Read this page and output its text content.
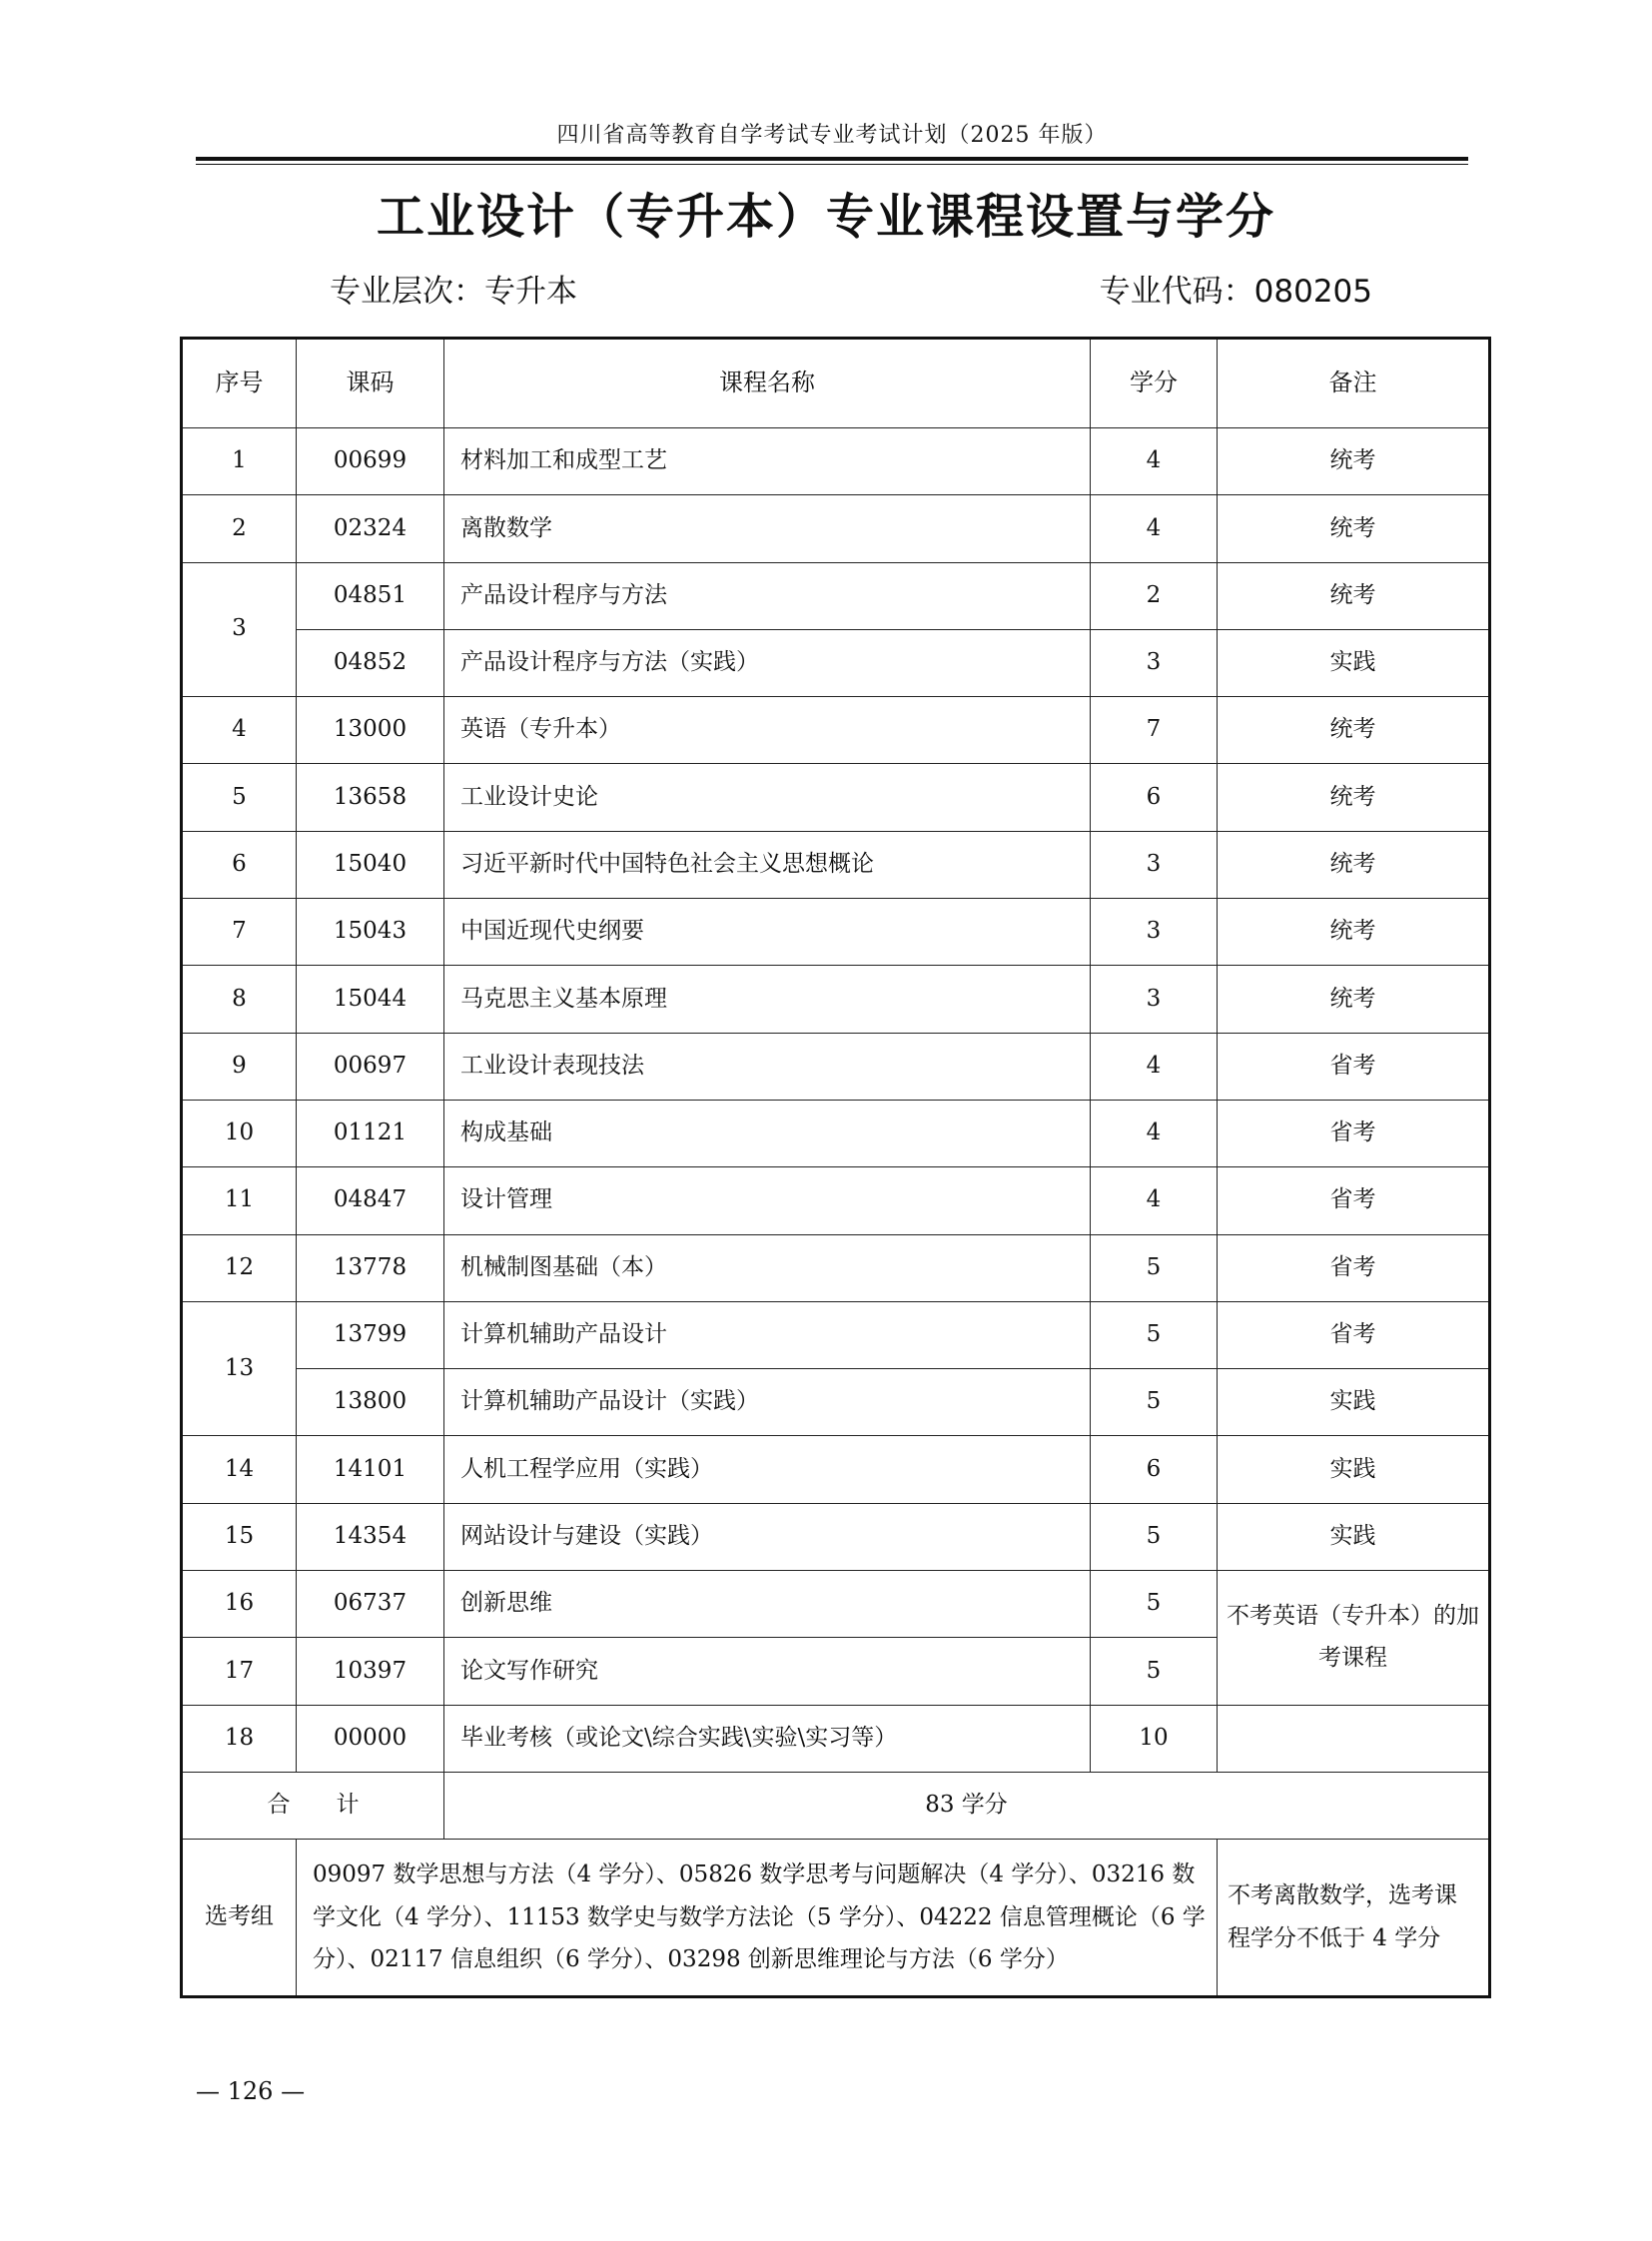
四川省高等教育自学考试专业考试计划（2025 年版）
工业设计（专升本）专业课程设置与学分
专业层次：专升本	专业代码：080205
序号	课码	课程名称	学分	备注
1	00699	材料加工和成型工艺	4	统考
2	02324	离散数学	4	统考
3	04851	产品设计程序与方法	2	统考
	04852	产品设计程序与方法（实践）	3	实践
4	13000	英语（专升本）	7	统考
5	13658	工业设计史论	6	统考
6	15040	习近平新时代中国特色社会主义思想概论	3	统考
7	15043	中国近现代史纲要	3	统考
8	15044	马克思主义基本原理	3	统考
9	00697	工业设计表现技法	4	省考
10	01121	构成基础	4	省考
11	04847	设计管理	4	省考
12	13778	机械制图基础（本）	5	省考
13	13799	计算机辅助产品设计	5	省考
	13800	计算机辅助产品设计（实践）	5	实践
14	14101	人机工程学应用（实践）	6	实践
15	14354	网站设计与建设（实践）	5	实践
16	06737	创新思维	5	不考英语（专升本）的加考课程
17	10397	论文写作研究	5	
18	00000	毕业考核（或论文\综合实践\实验\实习等）	10	
合　　计		83 学分		
选考组	09097 数学思想与方法（4 学分）、05826 数学思考与问题解决（4 学分）、03216 数学文化（4 学分）、11153 数学史与数学方法论（5 学分）、04222 信息管理概论（6 学分）、02117 信息组织（6 学分）、03298 创新思维理论与方法（6 学分）			不考离散数学，选考课程学分不低于 4 学分
— 126 —
